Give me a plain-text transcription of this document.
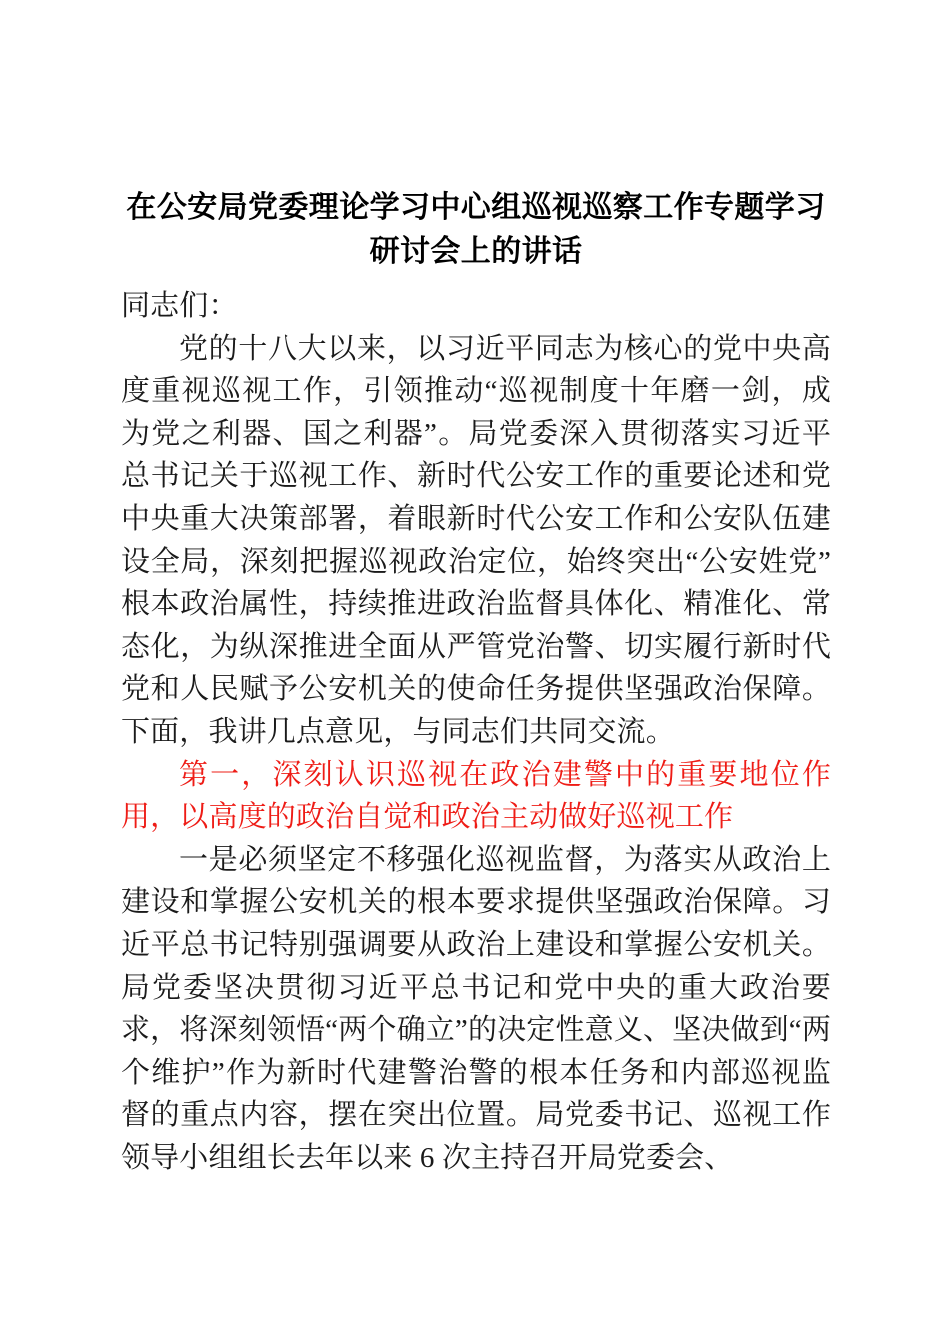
在公安局党委理论学习中心组巡视巡察工作专题学习研讨会上的讲话

同志们：

党的十八大以来，以习近平同志为核心的党中央高度重视巡视工作，引领推动“巡视制度十年磨一剑，成为党之利器、国之利器”。局党委深入贯彻落实习近平总书记关于巡视工作、新时代公安工作的重要论述和党中央重大决策部署，着眼新时代公安工作和公安队伍建设全局，深刻把握巡视政治定位，始终突出“公安姓党”根本政治属性，持续推进政治监督具体化、精准化、常态化，为纵深推进全面从严管党治警、切实履行新时代党和人民赋予公安机关的使命任务提供坚强政治保障。下面，我讲几点意见，与同志们共同交流。

第一，深刻认识巡视在政治建警中的重要地位作用，以高度的政治自觉和政治主动做好巡视工作

一是必须坚定不移强化巡视监督，为落实从政治上建设和掌握公安机关的根本要求提供坚强政治保障。习近平总书记特别强调要从政治上建设和掌握公安机关。局党委坚决贯彻习近平总书记和党中央的重大政治要求，将深刻领悟“两个确立”的决定性意义、坚决做到“两个维护”作为新时代建警治警的根本任务和内部巡视监督的重点内容，摆在突出位置。局党委书记、巡视工作领导小组组长去年以来 6 次主持召开局党委会、
